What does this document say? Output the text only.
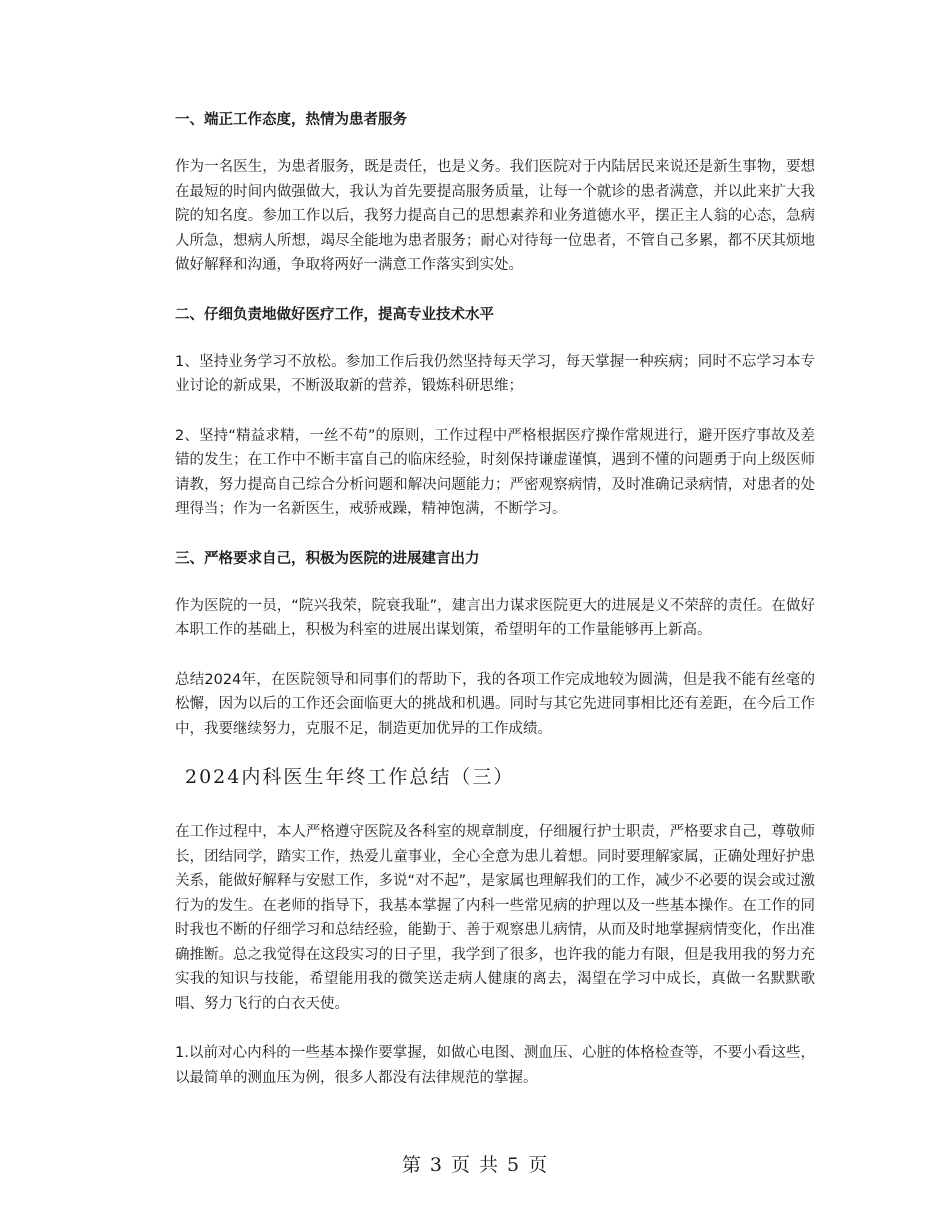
一、端正工作态度，热情为患者服务

作为一名医生，为患者服务，既是责任，也是义务。我们医院对于内陆居民来说还是新生事物，要想在最短的时间内做强做大，我认为首先要提高服务质量，让每一个就诊的患者满意，并以此来扩大我院的知名度。参加工作以后，我努力提高自己的思想素养和业务道德水平，摆正主人翁的心态，急病人所急，想病人所想，竭尽全能地为患者服务；耐心对待每一位患者，不管自己多累，都不厌其烦地做好解释和沟通，争取将两好一满意工作落实到实处。

二、仔细负责地做好医疗工作，提高专业技术水平

1、坚持业务学习不放松。参加工作后我仍然坚持每天学习，每天掌握一种疾病；同时不忘学习本专业讨论的新成果，不断汲取新的营养，锻炼科研思维；

2、坚持“精益求精，一丝不苟”的原则，工作过程中严格根据医疗操作常规进行，避开医疗事故及差错的发生；在工作中不断丰富自己的临床经验，时刻保持谦虚谨慎，遇到不懂的问题勇于向上级医师请教，努力提高自己综合分析问题和解决问题能力；严密观察病情，及时准确记录病情，对患者的处理得当；作为一名新医生，戒骄戒躁，精神饱满，不断学习。

三、严格要求自己，积极为医院的进展建言出力

作为医院的一员，“院兴我荣，院衰我耻”，建言出力谋求医院更大的进展是义不荣辞的责任。在做好本职工作的基础上，积极为科室的进展出谋划策，希望明年的工作量能够再上新高。

总结2024年，在医院领导和同事们的帮助下，我的各项工作完成地较为圆满，但是我不能有丝毫的松懈，因为以后的工作还会面临更大的挑战和机遇。同时与其它先进同事相比还有差距，在今后工作中，我要继续努力，克服不足，制造更加优异的工作成绩。

2024内科医生年终工作总结（三）

在工作过程中，本人严格遵守医院及各科室的规章制度，仔细履行护士职责，严格要求自己，尊敬师长，团结同学，踏实工作，热爱儿童事业，全心全意为患儿着想。同时要理解家属，正确处理好护患关系，能做好解释与安慰工作，多说“对不起”，是家属也理解我们的工作，减少不必要的误会或过激行为的发生。在老师的指导下，我基本掌握了内科一些常见病的护理以及一些基本操作。在工作的同时我也不断的仔细学习和总结经验，能勤于、善于观察患儿病情，从而及时地掌握病情变化，作出准确推断。总之我觉得在这段实习的日子里，我学到了很多，也许我的能力有限，但是我用我的努力充实我的知识与技能，希望能用我的微笑送走病人健康的离去，渴望在学习中成长，真做一名默默歌唱、努力飞行的白衣天使。

1.以前对心内科的一些基本操作要掌握，如做心电图、测血压、心脏的体格检查等，不要小看这些，以最简单的测血压为例，很多人都没有法律规范的掌握。

第 3 页 共 5 页
